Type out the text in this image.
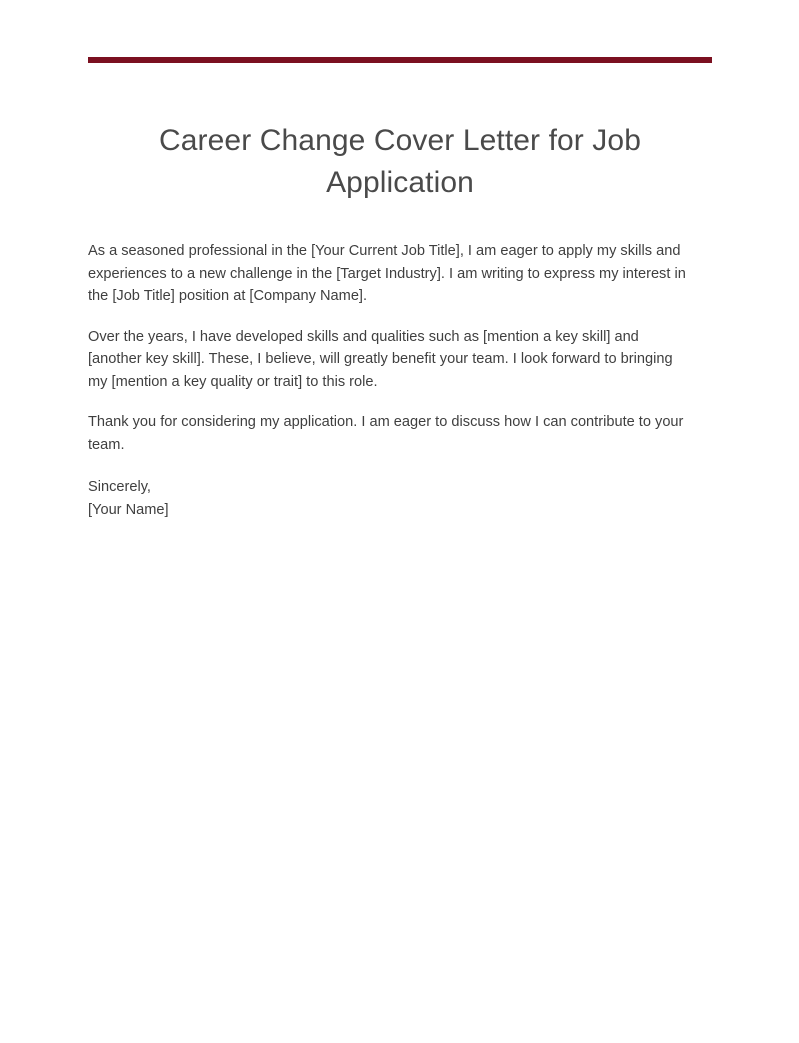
Career Change Cover Letter for Job Application

As a seasoned professional in the [Your Current Job Title], I am eager to apply my skills and experiences to a new challenge in the [Target Industry]. I am writing to express my interest in the [Job Title] position at [Company Name].

Over the years, I have developed skills and qualities such as [mention a key skill] and [another key skill]. These, I believe, will greatly benefit your team. I look forward to bringing my [mention a key quality or trait] to this role.

Thank you for considering my application. I am eager to discuss how I can contribute to your team.

Sincerely,

[Your Name]
